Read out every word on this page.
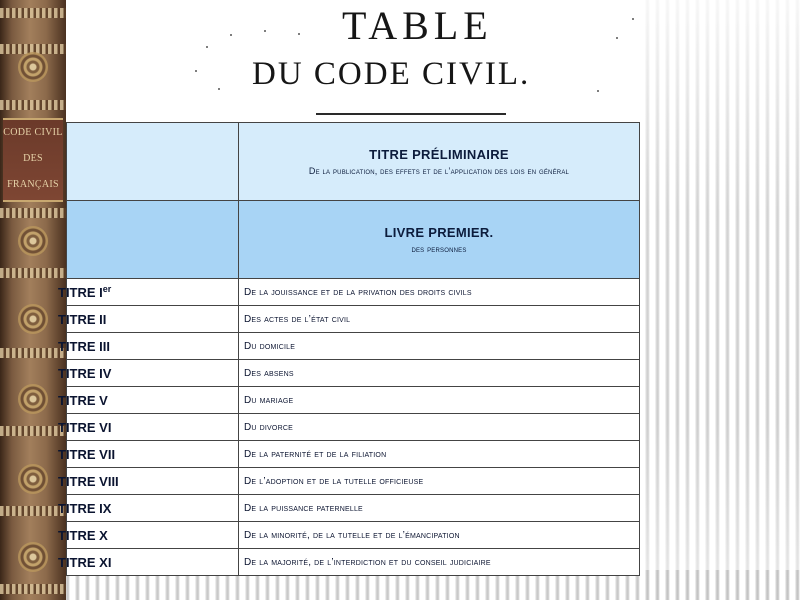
CODE CIVIL
DES
FRANÇAIS
TABLE
DU CODE CIVIL.

	TITRE PRÉLIMINAIRE
De la publication, des effets et de l’application des lois en général

	LIVRE PREMIER.
des personnes

TITRE Ier	De la jouissance et de la privation des droits civils
TITRE II	Des actes de l’état civil
TITRE III	Du domicile
TITRE IV	Des absens
TITRE V	Du mariage
TITRE VI	Du divorce
TITRE VII	De la paternité et de la filiation
TITRE VIII	De l’adoption et de la tutelle officieuse
TITRE IX	De la puissance paternelle
TITRE X	De la minorité, de la tutelle et de l’émancipation
TITRE XI	De la majorité, de l’interdiction et du conseil judiciaire
